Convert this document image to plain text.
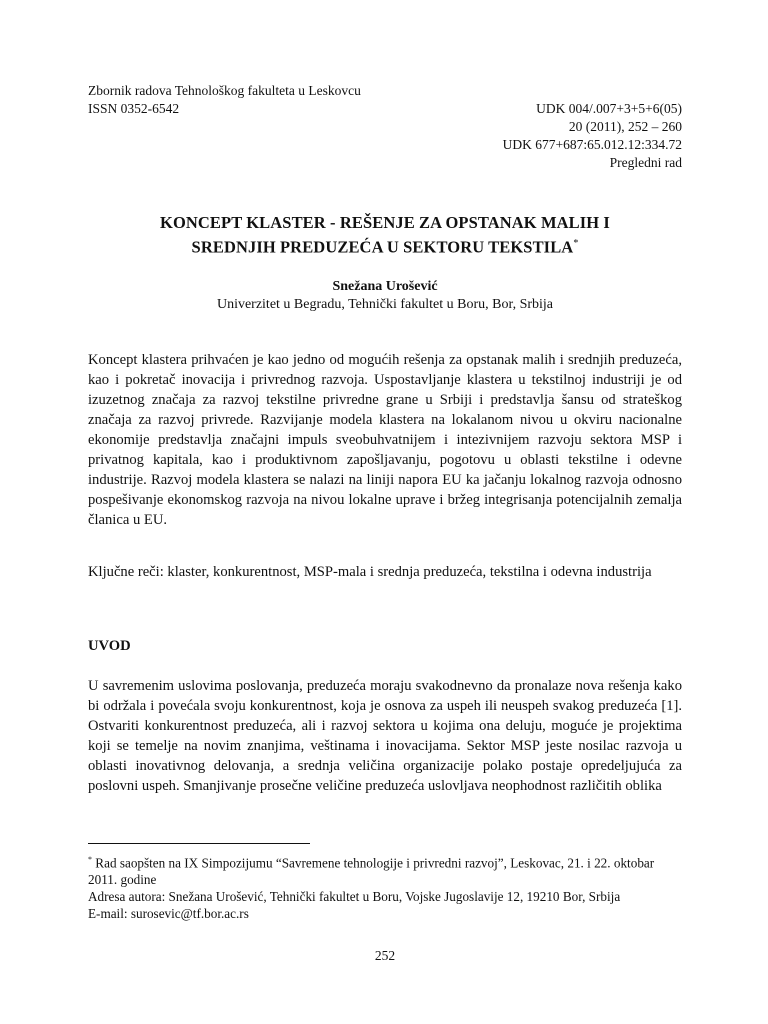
Zbornik radova Tehnološkog fakulteta u Leskovcu
ISSN 0352-6542	UDK 004/.007+3+5+6(05)
20 (2011), 252 – 260
UDK 677+687:65.012.12:334.72
Pregledni rad
KONCEPT KLASTER - REŠENJE ZA OPSTANAK MALIH I
SREDNJIH PREDUZEĆA U SEKTORU TEKSTILA*
Snežana Urošević
Univerzitet u Begradu, Tehnički fakultet u Boru, Bor, Srbija

Koncept klastera prihvaćen je kao jedno od mogućih rešenja za opstanak malih i srednjih preduzeća, kao i pokretač inovacija i privrednog razvoja. Uspostavljanje klastera u tekstilnoj industriji je od izuzetnog značaja za razvoj tekstilne privredne grane u Srbiji i predstavlja šansu od strateškog značaja za razvoj privrede. Razvijanje modela klastera na lokalanom nivou u okviru nacionalne ekonomije predstavlja značajni impuls sveobuhvatnijem i intezivnijem razvoju sektora MSP i privatnog kapitala, kao i produktivnom zapošljavanju, pogotovu u oblasti tekstilne i odevne industrije. Razvoj modela klastera se nalazi na liniji napora EU ka jačanju lokalnog razvoja odnosno pospešivanje ekonomskog razvoja na nivou lokalne uprave i bržeg integrisanja potencijalnih zemalja članica u EU.

Ključne reči: klaster, konkurentnost, MSP-mala i srednja preduzeća, tekstilna i odevna industrija

UVOD

U savremenim uslovima poslovanja, preduzeća moraju svakodnevno da pronalaze nova rešenja kako bi održala i povećala svoju konkurentnost, koja je osnova za uspeh ili neuspeh svakog preduzeća [1]. Ostvariti konkurentnost preduzeća, ali i razvoj sektora u kojima ona deluju, moguće je projektima koji se temelje na novim znanjima, veštinama i inovacijama. Sektor MSP jeste nosilac razvoja u oblasti inovativnog delovanja, a srednja veličina organizacije polako postaje opredeljujuća za poslovni uspeh. Smanjivanje prosečne veličine preduzeća uslovljava neophodnost različitih oblika

* Rad saopšten na IX Simpozijumu “Savremene tehnologije i privredni razvoj”, Leskovac, 21. i 22. oktobar 2011. godine
Adresa autora: Snežana Urošević, Tehnički fakultet u Boru, Vojske Jugoslavije 12, 19210 Bor, Srbija
E-mail: surosevic@tf.bor.ac.rs
252
